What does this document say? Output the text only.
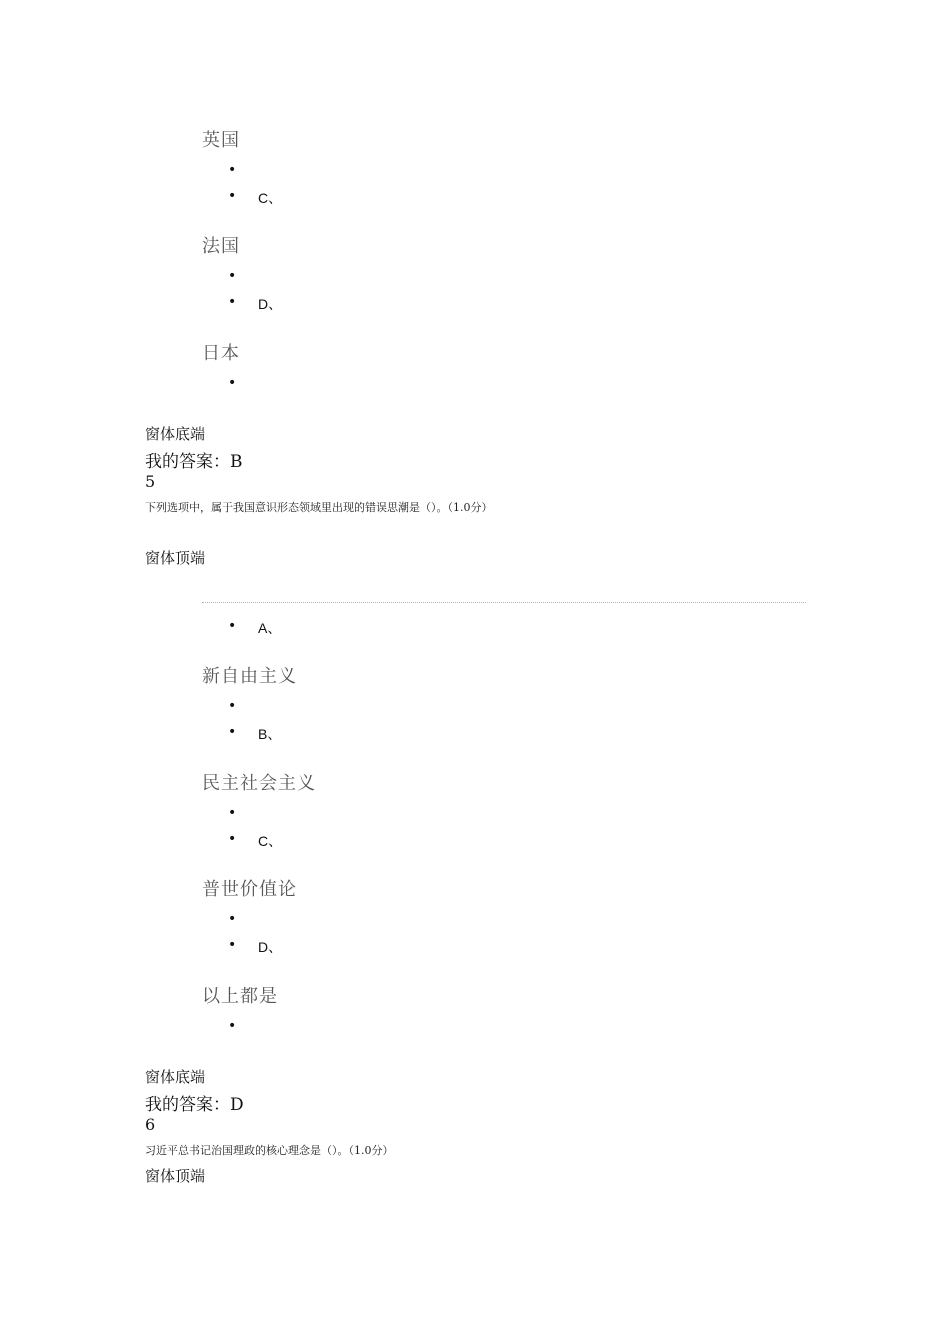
英国
•
• C、
法国
•
• D、
日本
•
窗体底端
我的答案：B
5
下列选项中，属于我国意识形态领域里出现的错误思潮是（）。（1.0分）
窗体顶端
• A、
新自由主义
•
• B、
民主社会主义
•
• C、
普世价值论
•
• D、
以上都是
•
窗体底端
我的答案：D
6
习近平总书记治国理政的核心理念是（）。（1.0分）
窗体顶端
